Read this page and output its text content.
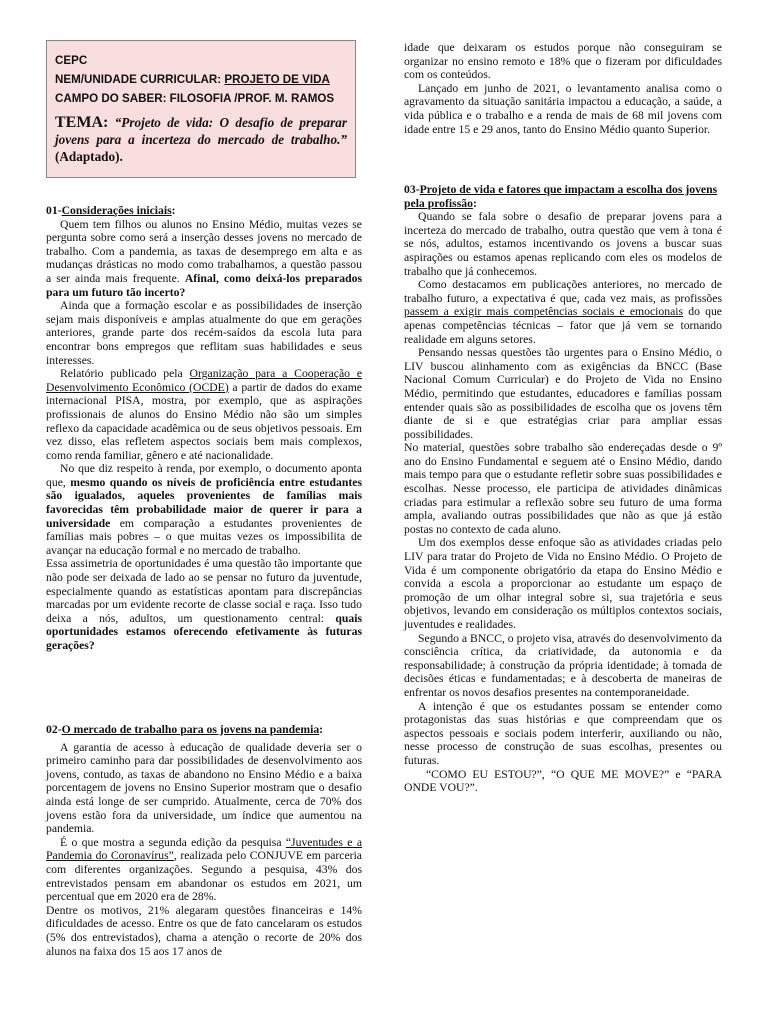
CEPC
NEM/UNIDADE CURRICULAR: PROJETO DE VIDA
CAMPO DO SABER: FILOSOFIA /PROF. M. RAMOS
TEMA: “Projeto de vida: O desafio de preparar jovens para a incerteza do mercado de trabalho.” (Adaptado).
01-Considerações iniciais:

Quem tem filhos ou alunos no Ensino Médio, muitas vezes se pergunta sobre como será a inserção desses jovens no mercado de trabalho. Com a pandemia, as taxas de desemprego em alta e as mudanças drásticas no modo como trabalhamos, a questão passou a ser ainda mais frequente. Afinal, como deixá-los preparados para um futuro tão incerto?

Ainda que a formação escolar e as possibilidades de inserção sejam mais disponíveis e amplas atualmente do que em gerações anteriores, grande parte dos recém-saídos da escola luta para encontrar bons empregos que reflitam suas habilidades e seus interesses.

Relatório publicado pela Organização para a Cooperação e Desenvolvimento Econômico (OCDE) a partir de dados do exame internacional PISA, mostra, por exemplo, que as aspirações profissionais de alunos do Ensino Médio não são um simples reflexo da capacidade acadêmica ou de seus objetivos pessoais. Em vez disso, elas refletem aspectos sociais bem mais complexos, como renda familiar, gênero e até nacionalidade.

No que diz respeito à renda, por exemplo, o documento aponta que, mesmo quando os níveis de proficiência entre estudantes são igualados, aqueles provenientes de famílias mais favorecidas têm probabilidade maior de querer ir para a universidade em comparação a estudantes provenientes de famílias mais pobres – o que muitas vezes os impossibilita de avançar na educação formal e no mercado de trabalho.

Essa assimetria de oportunidades é uma questão tão importante que não pode ser deixada de lado ao se pensar no futuro da juventude, especialmente quando as estatísticas apontam para discrepâncias marcadas por um evidente recorte de classe social e raça. Isso tudo deixa a nós, adultos, um questionamento central: quais oportunidades estamos oferecendo efetivamente às futuras gerações?

02-O mercado de trabalho para os jovens na pandemia:

A garantia de acesso à educação de qualidade deveria ser o primeiro caminho para dar possibilidades de desenvolvimento aos jovens, contudo, as taxas de abandono no Ensino Médio e a baixa porcentagem de jovens no Ensino Superior mostram que o desafio ainda está longe de ser cumprido. Atualmente, cerca de 70% dos jovens estão fora da universidade, um índice que aumentou na pandemia.

É o que mostra a segunda edição da pesquisa “Juventudes e a Pandemia do Coronavírus”, realizada pelo CONJUVE em parceria com diferentes organizações. Segundo a pesquisa, 43% dos entrevistados pensam em abandonar os estudos em 2021, um percentual que em 2020 era de 28%.

Dentre os motivos, 21% alegaram questões financeiras e 14% dificuldades de acesso. Entre os que de fato cancelaram os estudos (5% dos entrevistados), chama a atenção o recorte de 20% dos alunos na faixa dos 15 aos 17 anos de

idade que deixaram os estudos porque não conseguiram se organizar no ensino remoto e 18% que o fizeram por dificuldades com os conteúdos.

Lançado em junho de 2021, o levantamento analisa como o agravamento da situação sanitária impactou a educação, a saúde, a vida pública e o trabalho e a renda de mais de 68 mil jovens com idade entre 15 e 29 anos, tanto do Ensino Médio quanto Superior.

03-Projeto de vida e fatores que impactam a escolha dos jovens pela profissão:

Quando se fala sobre o desafio de preparar jovens para a incerteza do mercado de trabalho, outra questão que vem à tona é se nós, adultos, estamos incentivando os jovens a buscar suas aspirações ou estamos apenas replicando com eles os modelos de trabalho que já conhecemos.

Como destacamos em publicações anteriores, no mercado de trabalho futuro, a expectativa é que, cada vez mais, as profissões passem a exigir mais competências sociais e emocionais do que apenas competências técnicas – fator que já vem se tornando realidade em alguns setores.

Pensando nessas questões tão urgentes para o Ensino Médio, o LIV buscou alinhamento com as exigências da BNCC (Base Nacional Comum Curricular) e do Projeto de Vida no Ensino Médio, permitindo que estudantes, educadores e famílias possam entender quais são as possibilidades de escolha que os jovens têm diante de si e que estratégias criar para ampliar essas possibilidades.

No material, questões sobre trabalho são endereçadas desde o 9º ano do Ensino Fundamental e seguem até o Ensino Médio, dando mais tempo para que o estudante refletir sobre suas possibilidades e escolhas. Nesse processo, ele participa de atividades dinâmicas criadas para estimular a reflexão sobre seu futuro de uma forma ampla, avaliando outras possibilidades que não as que já estão postas no contexto de cada aluno.

Um dos exemplos desse enfoque são as atividades criadas pelo LIV para tratar do Projeto de Vida no Ensino Médio. O Projeto de Vida é um componente obrigatório da etapa do Ensino Médio e convida a escola a proporcionar ao estudante um espaço de promoção de um olhar integral sobre si, sua trajetória e seus objetivos, levando em consideração os múltiplos contextos sociais, juventudes e realidades.

Segundo a BNCC, o projeto visa, através do desenvolvimento da consciência crítica, da criatividade, da autonomia e da responsabilidade; à construção da própria identidade; à tomada de decisões éticas e fundamentadas; e à descoberta de maneiras de enfrentar os novos desafios presentes na contemporaneidade.

A intenção é que os estudantes possam se entender como protagonistas das suas histórias e que compreendam que os aspectos pessoais e sociais podem interferir, auxiliando ou não, nesse processo de construção de suas escolhas, presentes ou futuras.

“COMO EU ESTOU?”, “O QUE ME MOVE?” e “PARA ONDE VOU?”.
